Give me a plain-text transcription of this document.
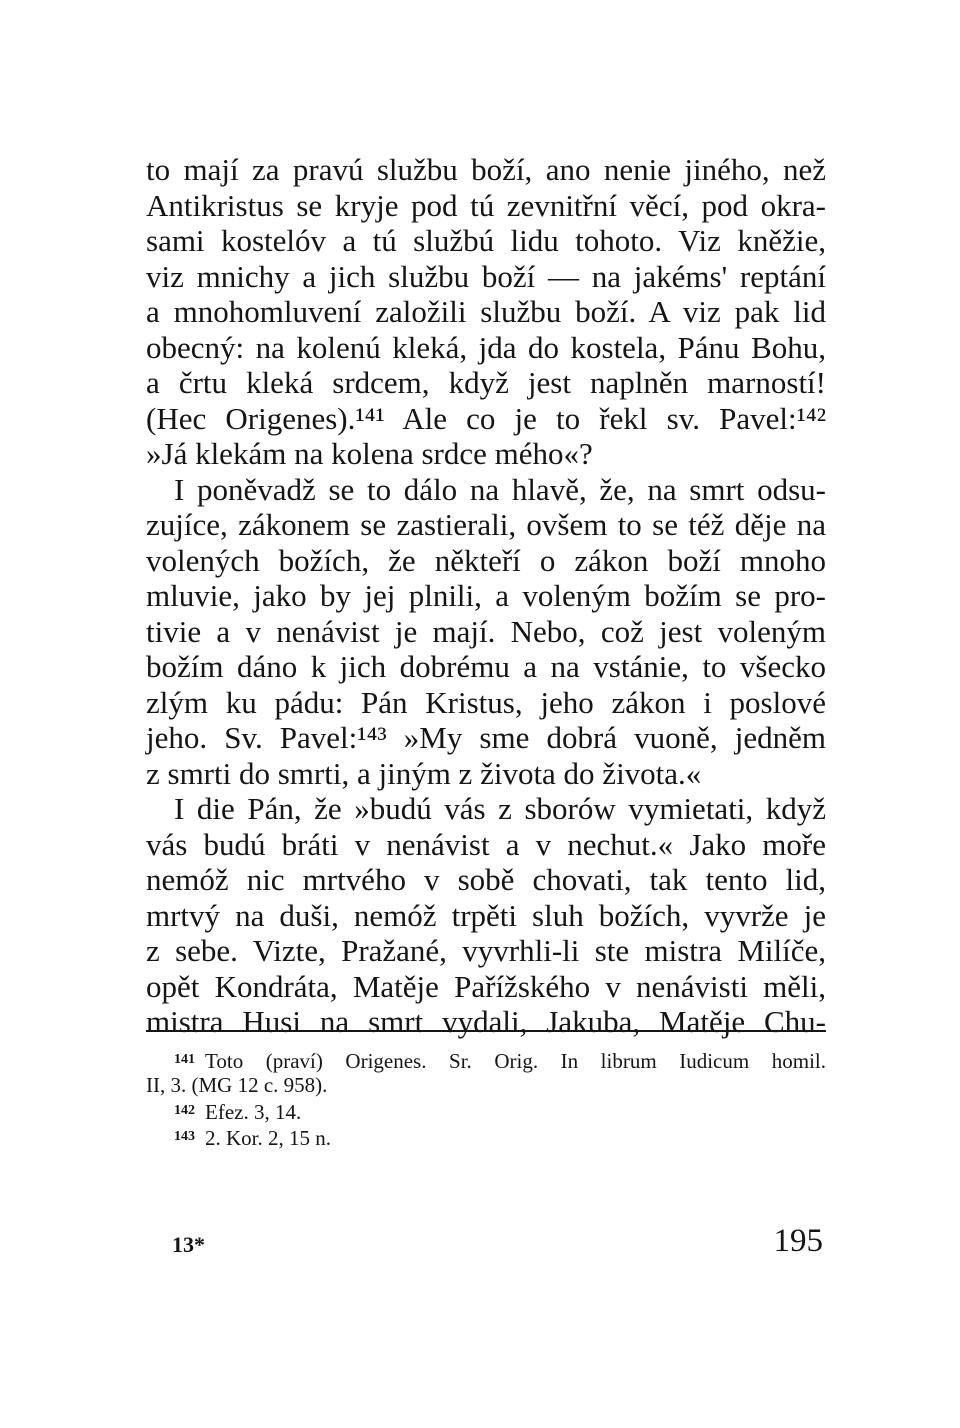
to mají za pravú službu boží, ano nenie jiného, než
Antikristus se kryje pod tú zevnitřní věcí, pod okra-
sami kostelóv a tú službú lidu tohoto. Viz kněžie,
viz mnichy a jich službu boží — na jakéms' reptání
a mnohomluvení založili službu boží. A viz pak lid
obecný: na kolenú kleká, jda do kostela, Pánu Bohu,
a črtu kleká srdcem, když jest naplněn marností!
(Hec Origenes).¹⁴¹ Ale co je to řekl sv. Pavel:¹⁴²
»Já klekám na kolena srdce mého«?
I poněvadž se to dálo na hlavě, že, na smrt odsu-
zujíce, zákonem se zastierali, ovšem to se též děje na
volených božích, že někteří o zákon boží mnoho
mluvie, jako by jej plnili, a voleným božím se pro-
tivie a v nenávist je mají. Nebo, což jest voleným
božím dáno k jich dobrému a na vstánie, to všecko
zlým ku pádu: Pán Kristus, jeho zákon i poslové
jeho. Sv. Pavel:¹⁴³ »My sme dobrá vuoně, jedněm
z smrti do smrti, a jiným z života do života.«
I die Pán, že »budú vás z sborów vymietati, když
vás budú bráti v nenávist a v nechut.« Jako moře
nemóž nic mrtvého v sobě chovati, tak tento lid,
mrtvý na duši, nemóž trpěti sluh božích, vyvrže je
z sebe. Vizte, Pražané, vyvrhli-li ste mistra Milíče,
opět Kondráta, Matěje Pařížského v nenávisti měli,
mistra Husi na smrt vydali, Jakuba, Matěje Chu-
$^{141}$ Toto (praví) Origenes. Sr. Orig. In librum Iudicum homil.
II, 3. (MG 12 c. 958).
$^{142}$ Efez. 3, 14.
$^{143}$ 2. Kor. 2, 15 n.
13*	195
